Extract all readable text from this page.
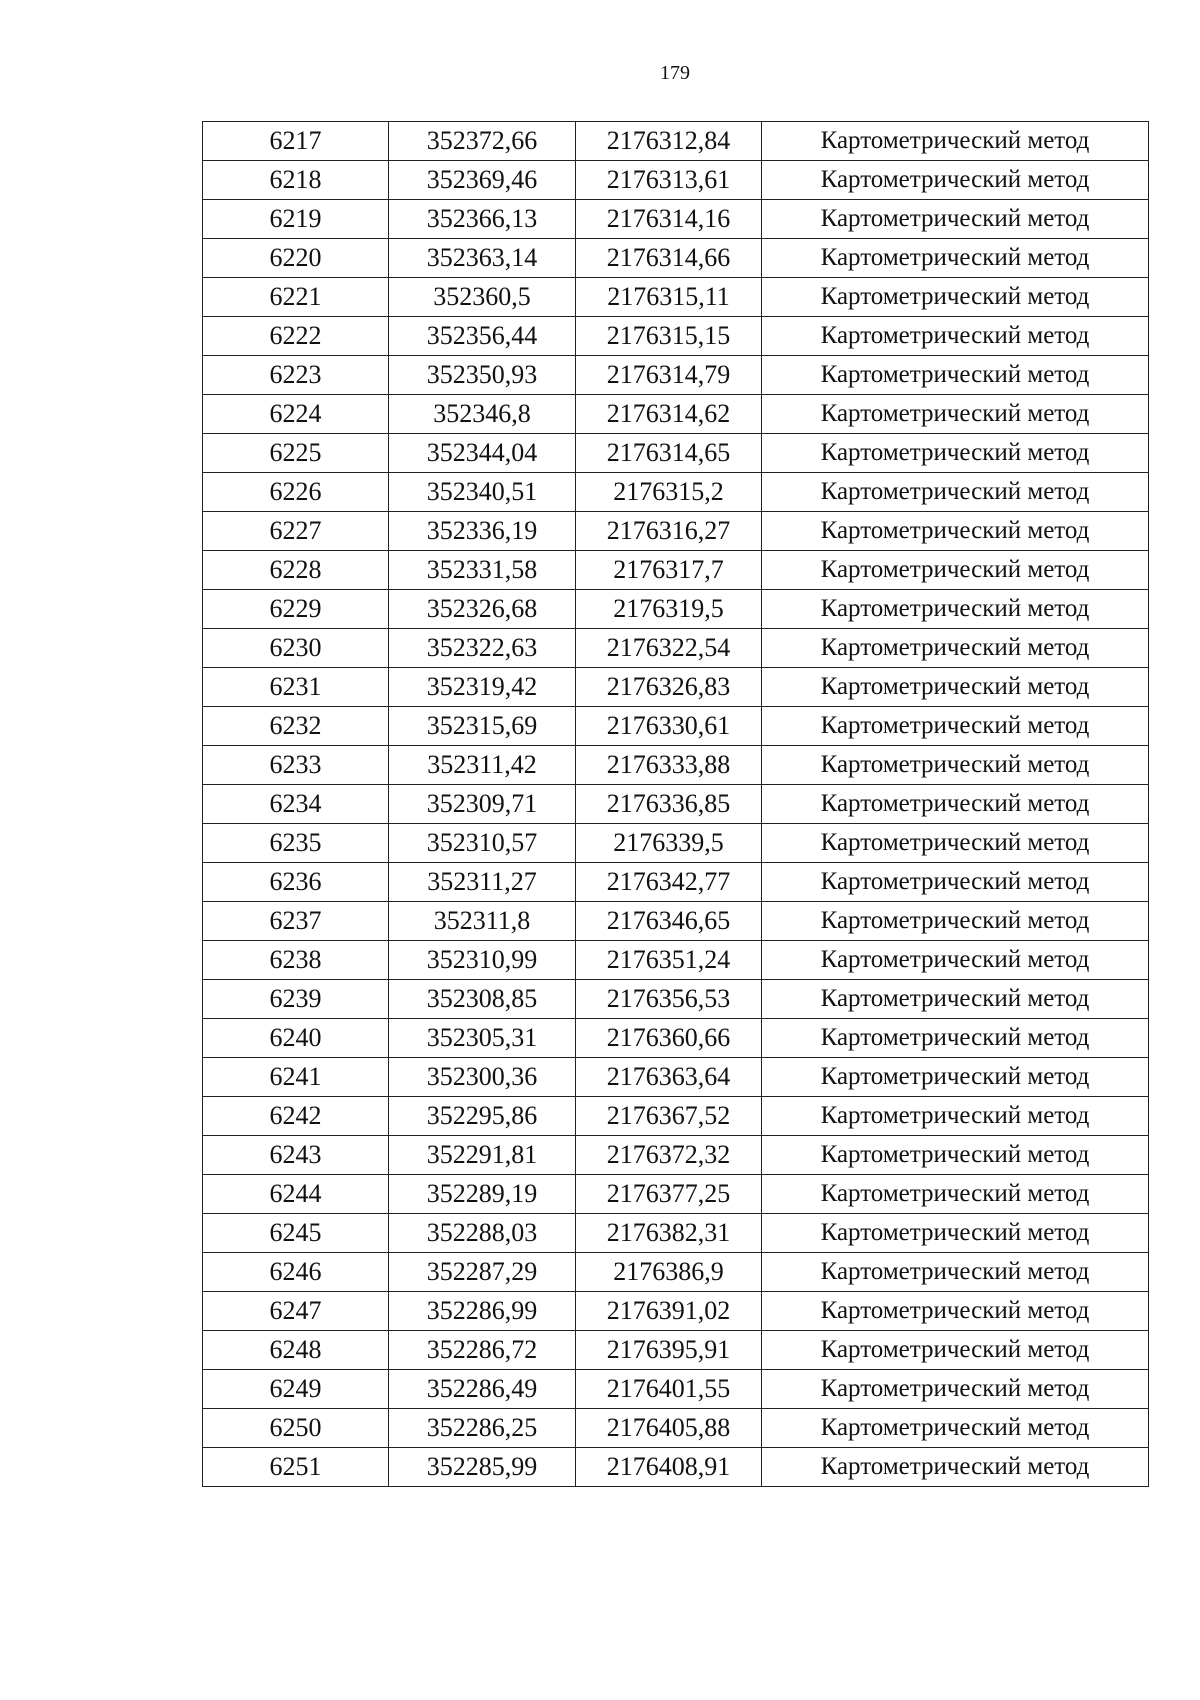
179
6217	352372,66	2176312,84	Картометрический метод
6218	352369,46	2176313,61	Картометрический метод
6219	352366,13	2176314,16	Картометрический метод
6220	352363,14	2176314,66	Картометрический метод
6221	352360,5	2176315,11	Картометрический метод
6222	352356,44	2176315,15	Картометрический метод
6223	352350,93	2176314,79	Картометрический метод
6224	352346,8	2176314,62	Картометрический метод
6225	352344,04	2176314,65	Картометрический метод
6226	352340,51	2176315,2	Картометрический метод
6227	352336,19	2176316,27	Картометрический метод
6228	352331,58	2176317,7	Картометрический метод
6229	352326,68	2176319,5	Картометрический метод
6230	352322,63	2176322,54	Картометрический метод
6231	352319,42	2176326,83	Картометрический метод
6232	352315,69	2176330,61	Картометрический метод
6233	352311,42	2176333,88	Картометрический метод
6234	352309,71	2176336,85	Картометрический метод
6235	352310,57	2176339,5	Картометрический метод
6236	352311,27	2176342,77	Картометрический метод
6237	352311,8	2176346,65	Картометрический метод
6238	352310,99	2176351,24	Картометрический метод
6239	352308,85	2176356,53	Картометрический метод
6240	352305,31	2176360,66	Картометрический метод
6241	352300,36	2176363,64	Картометрический метод
6242	352295,86	2176367,52	Картометрический метод
6243	352291,81	2176372,32	Картометрический метод
6244	352289,19	2176377,25	Картометрический метод
6245	352288,03	2176382,31	Картометрический метод
6246	352287,29	2176386,9	Картометрический метод
6247	352286,99	2176391,02	Картометрический метод
6248	352286,72	2176395,91	Картометрический метод
6249	352286,49	2176401,55	Картометрический метод
6250	352286,25	2176405,88	Картометрический метод
6251	352285,99	2176408,91	Картометрический метод
